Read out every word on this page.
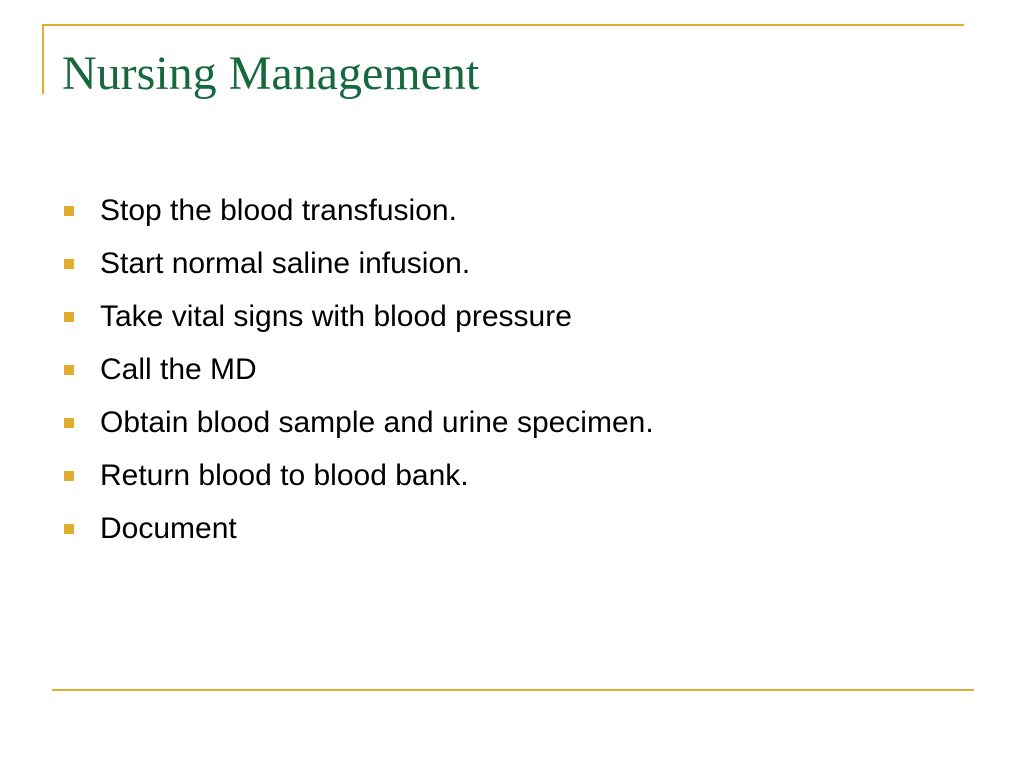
Nursing Management
Stop the blood transfusion.
Start normal saline infusion.
Take vital signs with blood pressure
Call the MD
Obtain blood sample and urine specimen.
Return blood to blood bank.
Document
